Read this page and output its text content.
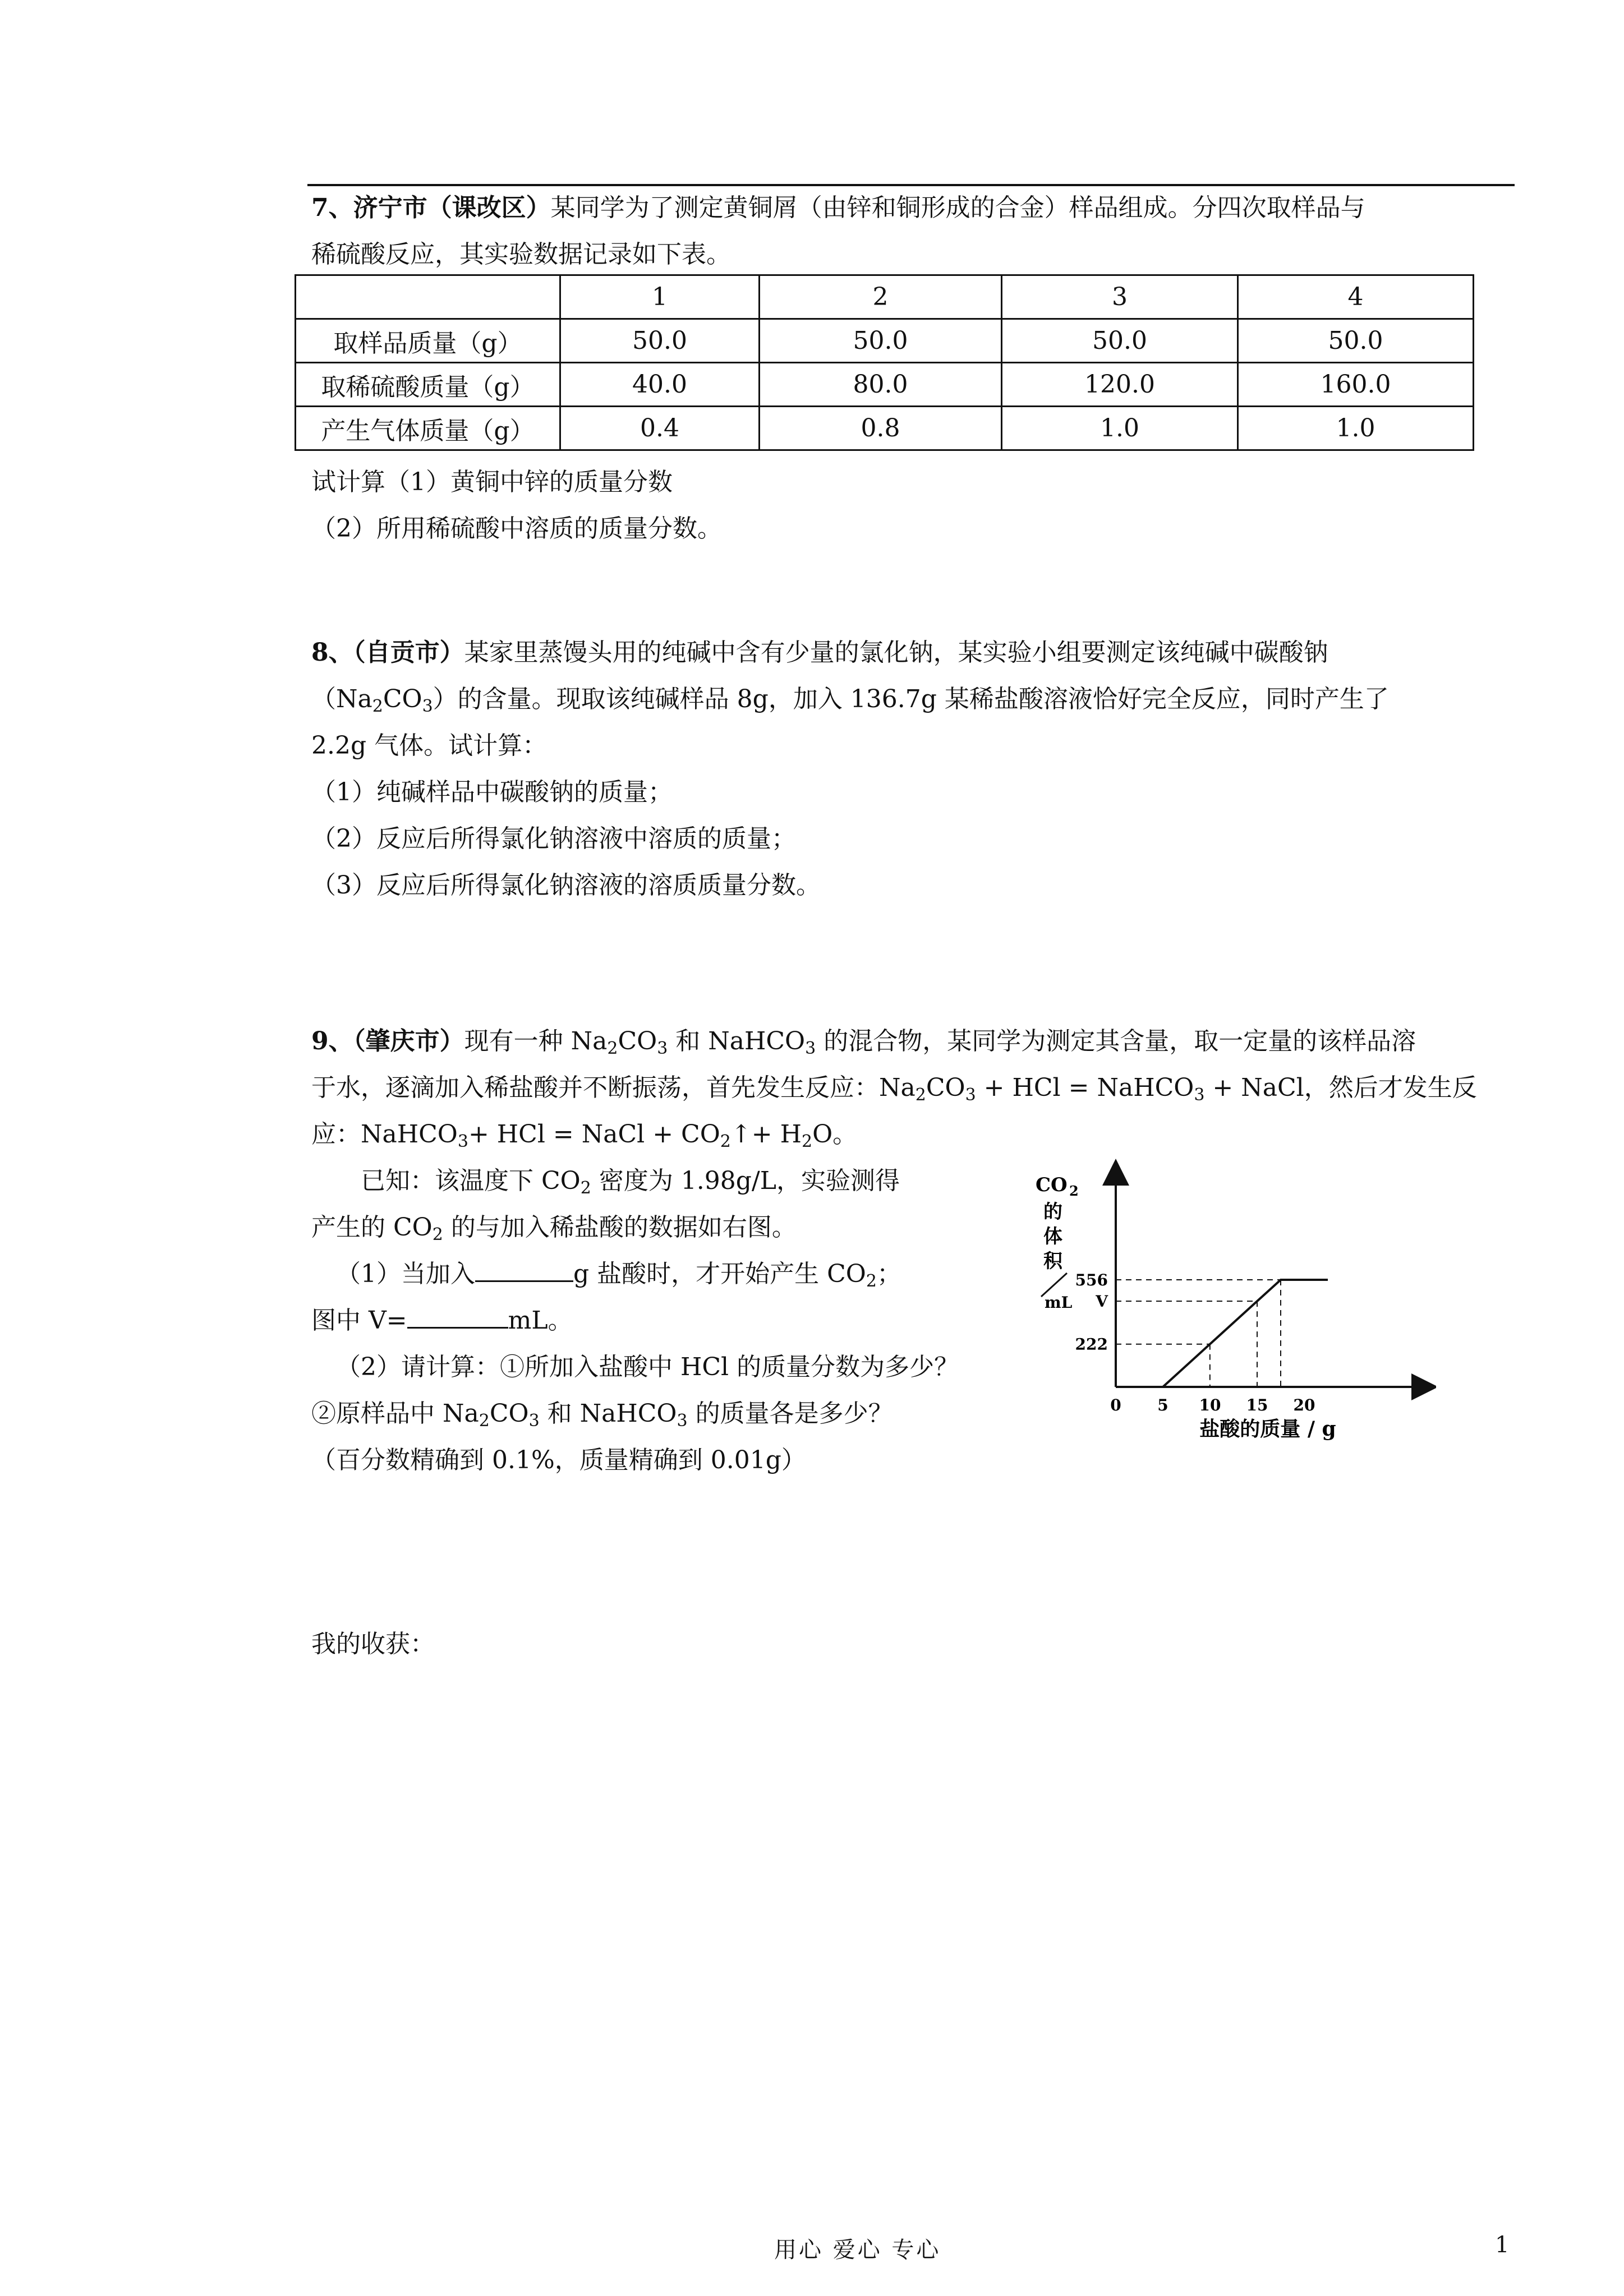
7、济宁市（课改区）某同学为了测定黄铜屑（由锌和铜形成的合金）样品组成。分四次取样品与
稀硫酸反应，其实验数据记录如下表。
	1	2	3	4
取样品质量（g）	50.0	50.0	50.0	50.0
取稀硫酸质量（g）	40.0	80.0	120.0	160.0
产生气体质量（g）	0.4	0.8	1.0	1.0
试计算（1）黄铜中锌的质量分数
（2）所用稀硫酸中溶质的质量分数。
8、（自贡市）某家里蒸馒头用的纯碱中含有少量的氯化钠，某实验小组要测定该纯碱中碳酸钠
$(Na_2CO_3)$的含量。现取该纯碱样品 8g，加入 136.7g 某稀盐酸溶液恰好完全反应，同时产生了
2.2g 气体。试计算：
（1）纯碱样品中碳酸钠的质量；
（2）反应后所得氯化钠溶液中溶质的质量；
（3）反应后所得氯化钠溶液的溶质质量分数。
9、（肇庆市）现有一种 $Na_2CO_3$ 和 NaHCO$_3$ 的混合物，某同学为测定其含量，取一定量的该样品溶
于水，逐滴加入稀盐酸并不断振荡，首先发生反应：$Na_2CO_3$ + HCl = NaHCO$_3$ + NaCl，然后才发生反
应：NaHCO$_3$+ HCl = NaCl + $CO_2↑+ H_2O$。
已知：该温度下 $CO_2$ 密度为 1.98g/L，实验测得
产生的 $CO_2$ 的与加入稀盐酸的数据如右图。
（1）当加入	g 盐酸时，才开始产生 $CO_2$；
图中 V=	mL。
（2）请计算：①所加入盐酸中 HCl 的质量分数为多少？
②原样品中 $Na_2CO_3$ 和 NaHCO$_3$ 的质量各是多少？
（百分数精确到 0.1%，质量精确到 0.01g）
CO 2
的
体
积
mL
0 5 10 15 20
222
V
556
盐酸的质量 / g
我的收获：
用心 爱心 专心	1
